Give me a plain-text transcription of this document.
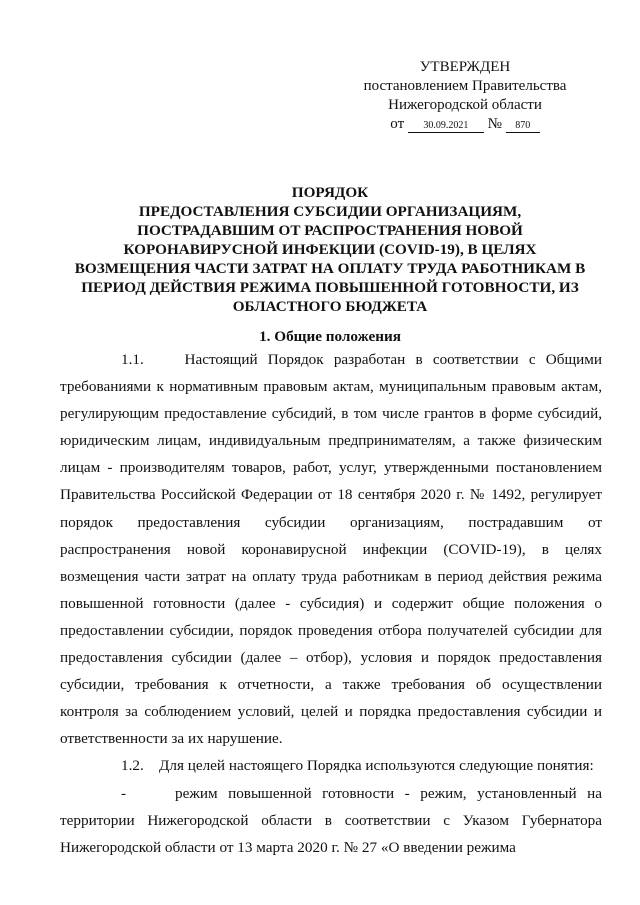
УТВЕРЖДЕН
постановлением Правительства
Нижегородской области
от 30.09.2021 № 870
ПОРЯДОК
ПРЕДОСТАВЛЕНИЯ СУБСИДИИ ОРГАНИЗАЦИЯМ,
ПОСТРАДАВШИМ ОТ РАСПРОСТРАНЕНИЯ НОВОЙ
КОРОНАВИРУСНОЙ ИНФЕКЦИИ (COVID-19), В ЦЕЛЯХ
ВОЗМЕЩЕНИЯ ЧАСТИ ЗАТРАТ НА ОПЛАТУ ТРУДА РАБОТНИКАМ В
ПЕРИОД ДЕЙСТВИЯ РЕЖИМА ПОВЫШЕННОЙ ГОТОВНОСТИ, ИЗ
ОБЛАСТНОГО БЮДЖЕТА
1. Общие положения

1.1.	Настоящий Порядок разработан в соответствии с Общими требованиями к нормативным правовым актам, муниципальным правовым актам, регулирующим предоставление субсидий, в том числе грантов в форме субсидий, юридическим лицам, индивидуальным предпринимателям, а также физическим лицам - производителям товаров, работ, услуг, утвержденными постановлением Правительства Российской Федерации от 18 сентября 2020 г. № 1492, регулирует порядок предоставления субсидии организациям, пострадавшим от распространения новой коронавирусной инфекции (COVID-19), в целях возмещения части затрат на оплату труда работникам в период действия режима повышенной готовности (далее - субсидия) и содержит общие положения о предоставлении субсидии, порядок проведения отбора получателей субсидии для предоставления субсидии (далее – отбор), условия и порядок предоставления субсидии, требования к отчетности, а также требования об осуществлении контроля за соблюдением условий, целей и порядка предоставления субсидии и ответственности за их нарушение.

1.2. Для целей настоящего Порядка используются следующие понятия:

-	режим повышенной готовности - режим, установленный на территории Нижегородской области в соответствии с Указом Губернатора Нижегородской области от 13 марта 2020 г. № 27 «О введении режима
